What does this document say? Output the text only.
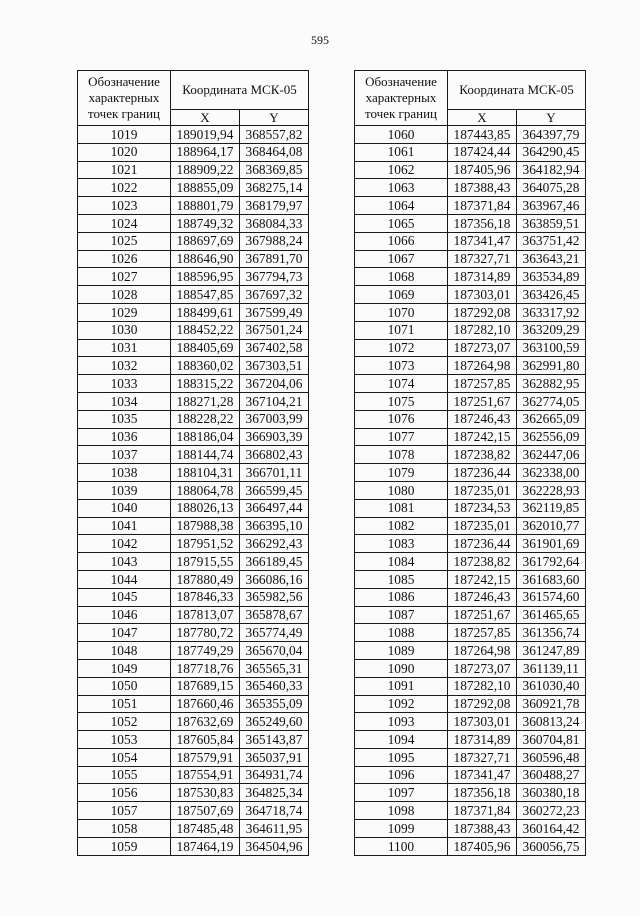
595
Обозначение характерных точек границ	Координата МСК-05	
	X	Y
1019	189019,94	368557,82
1020	188964,17	368464,08
1021	188909,22	368369,85
1022	188855,09	368275,14
1023	188801,79	368179,97
1024	188749,32	368084,33
1025	188697,69	367988,24
1026	188646,90	367891,70
1027	188596,95	367794,73
1028	188547,85	367697,32
1029	188499,61	367599,49
1030	188452,22	367501,24
1031	188405,69	367402,58
1032	188360,02	367303,51
1033	188315,22	367204,06
1034	188271,28	367104,21
1035	188228,22	367003,99
1036	188186,04	366903,39
1037	188144,74	366802,43
1038	188104,31	366701,11
1039	188064,78	366599,45
1040	188026,13	366497,44
1041	187988,38	366395,10
1042	187951,52	366292,43
1043	187915,55	366189,45
1044	187880,49	366086,16
1045	187846,33	365982,56
1046	187813,07	365878,67
1047	187780,72	365774,49
1048	187749,29	365670,04
1049	187718,76	365565,31
1050	187689,15	365460,33
1051	187660,46	365355,09
1052	187632,69	365249,60
1053	187605,84	365143,87
1054	187579,91	365037,91
1055	187554,91	364931,74
1056	187530,83	364825,34
1057	187507,69	364718,74
1058	187485,48	364611,95
1059	187464,19	364504,96
Обозначение характерных точек границ	Координата МСК-05	
	X	Y
1060	187443,85	364397,79
1061	187424,44	364290,45
1062	187405,96	364182,94
1063	187388,43	364075,28
1064	187371,84	363967,46
1065	187356,18	363859,51
1066	187341,47	363751,42
1067	187327,71	363643,21
1068	187314,89	363534,89
1069	187303,01	363426,45
1070	187292,08	363317,92
1071	187282,10	363209,29
1072	187273,07	363100,59
1073	187264,98	362991,80
1074	187257,85	362882,95
1075	187251,67	362774,05
1076	187246,43	362665,09
1077	187242,15	362556,09
1078	187238,82	362447,06
1079	187236,44	362338,00
1080	187235,01	362228,93
1081	187234,53	362119,85
1082	187235,01	362010,77
1083	187236,44	361901,69
1084	187238,82	361792,64
1085	187242,15	361683,60
1086	187246,43	361574,60
1087	187251,67	361465,65
1088	187257,85	361356,74
1089	187264,98	361247,89
1090	187273,07	361139,11
1091	187282,10	361030,40
1092	187292,08	360921,78
1093	187303,01	360813,24
1094	187314,89	360704,81
1095	187327,71	360596,48
1096	187341,47	360488,27
1097	187356,18	360380,18
1098	187371,84	360272,23
1099	187388,43	360164,42
1100	187405,96	360056,75
